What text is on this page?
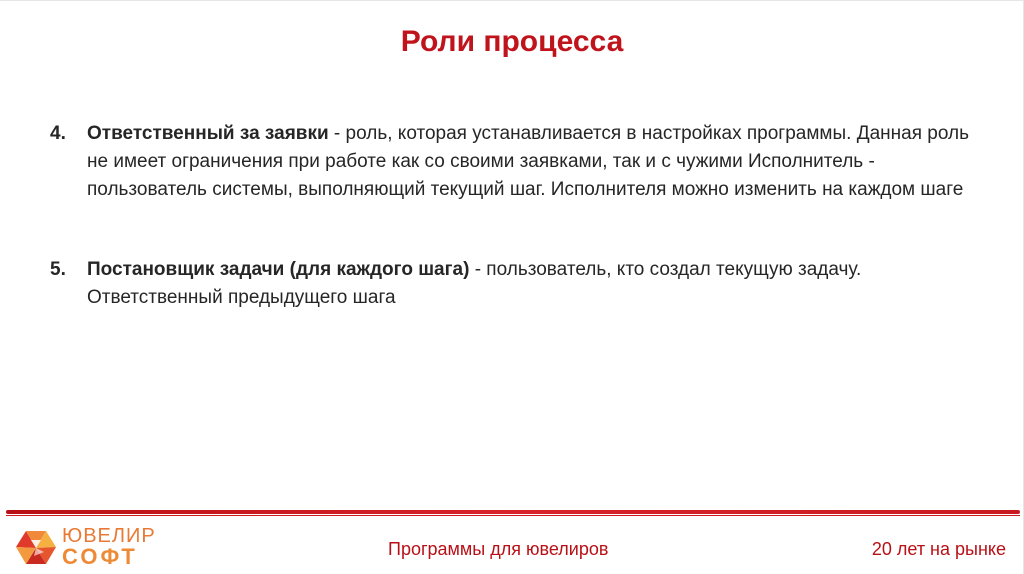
Роли процесса
4.	Ответственный за заявки - роль, которая устанавливается в настройках программы. Данная роль не имеет ограничения при работе как со своими заявками, так и с чужими Исполнитель - пользователь системы, выполняющий текущий шаг. Исполнителя можно изменить на каждом шаге
5.	Постановщик задачи (для каждого шага) - пользователь, кто создал текущую задачу. Ответственный предыдущего шага
ЮВЕЛИР
СОФТ	Программы для ювелиров	20 лет на рынке
